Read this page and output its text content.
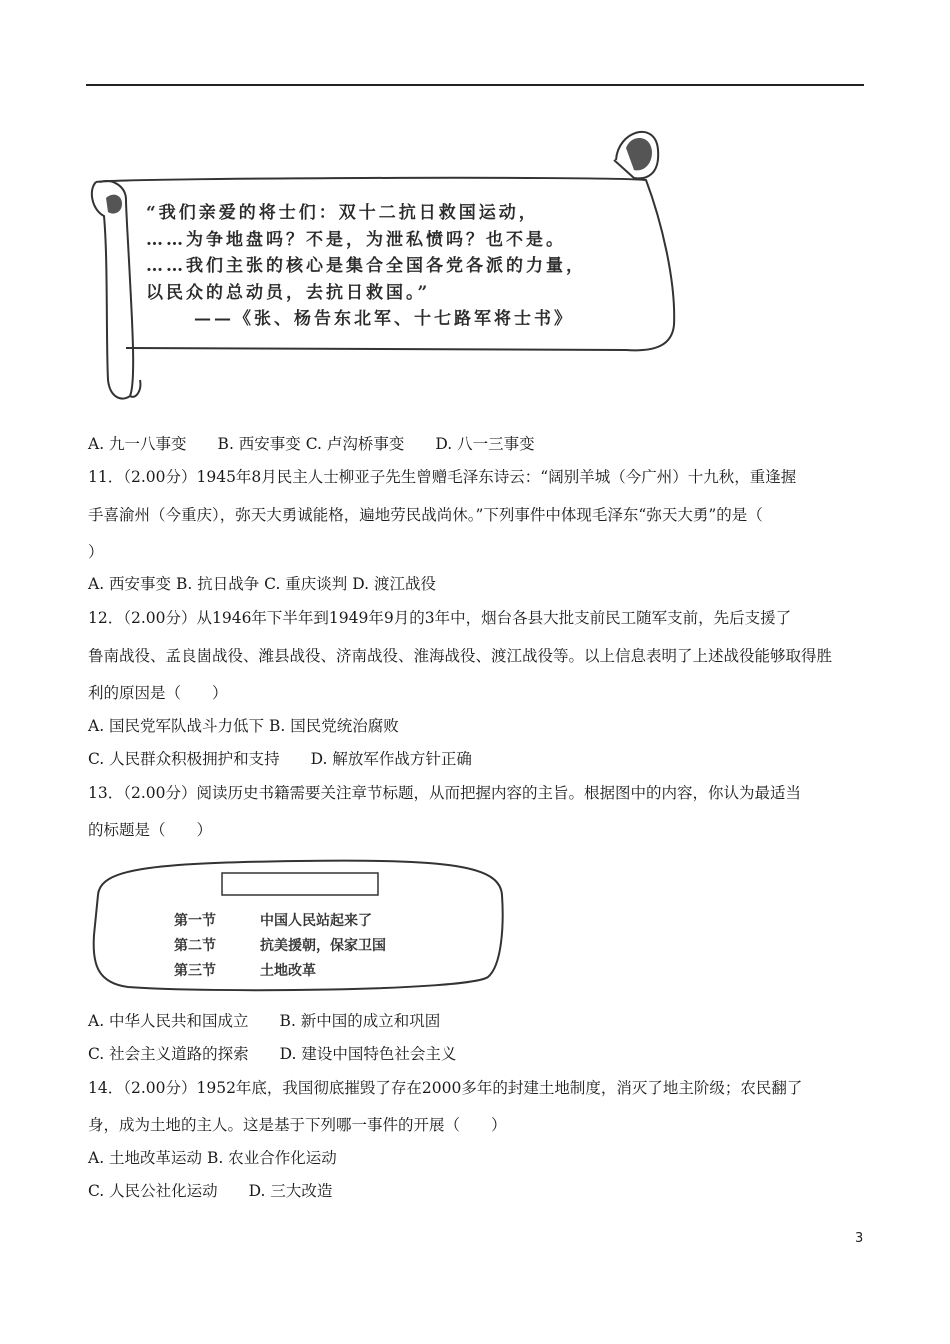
“我们亲爱的将士们：双十二抗日救国运动，
……为争地盘吗？不是，为泄私愤吗？也不是。
……我们主张的核心是集合全国各党各派的力量，
以民众的总动员，去抗日救国。”
——《张、杨告东北军、十七路军将士书》
A. 九一八事变　　B. 西安事变 C. 卢沟桥事变　　D. 八一三事变
11．（2.00分）1945年8月民主人士柳亚子先生曾赠毛泽东诗云：“阔别羊城（今广州）十九秋，重逢握
手喜渝州（今重庆），弥天大勇诚能格，遍地劳民战尚休。”下列事件中体现毛泽东“弥天大勇”的是（
）
A. 西安事变 B. 抗日战争 C. 重庆谈判 D. 渡江战役
12．（2.00分）从1946年下半年到1949年9月的3年中，烟台各县大批支前民工随军支前，先后支援了
鲁南战役、孟良崮战役、潍县战役、济南战役、淮海战役、渡江战役等。以上信息表明了上述战役能够取得胜
利的原因是（　　）
A. 国民党军队战斗力低下 B. 国民党统治腐败
C. 人民群众积极拥护和支持　　D. 解放军作战方针正确
13．（2.00分）阅读历史书籍需要关注章节标题，从而把握内容的主旨。根据图中的内容，你认为最适当
的标题是（　　）
第一节	中国人民站起来了
第二节	抗美援朝，保家卫国
第三节	土地改革
A. 中华人民共和国成立　　B. 新中国的成立和巩固
C. 社会主义道路的探索　　D. 建设中国特色社会主义
14．（2.00分）1952年底，我国彻底摧毁了存在2000多年的封建土地制度，消灭了地主阶级；农民翻了
身，成为土地的主人。这是基于下列哪一事件的开展（　　）
A. 土地改革运动 B. 农业合作化运动
C. 人民公社化运动　　D. 三大改造
3
